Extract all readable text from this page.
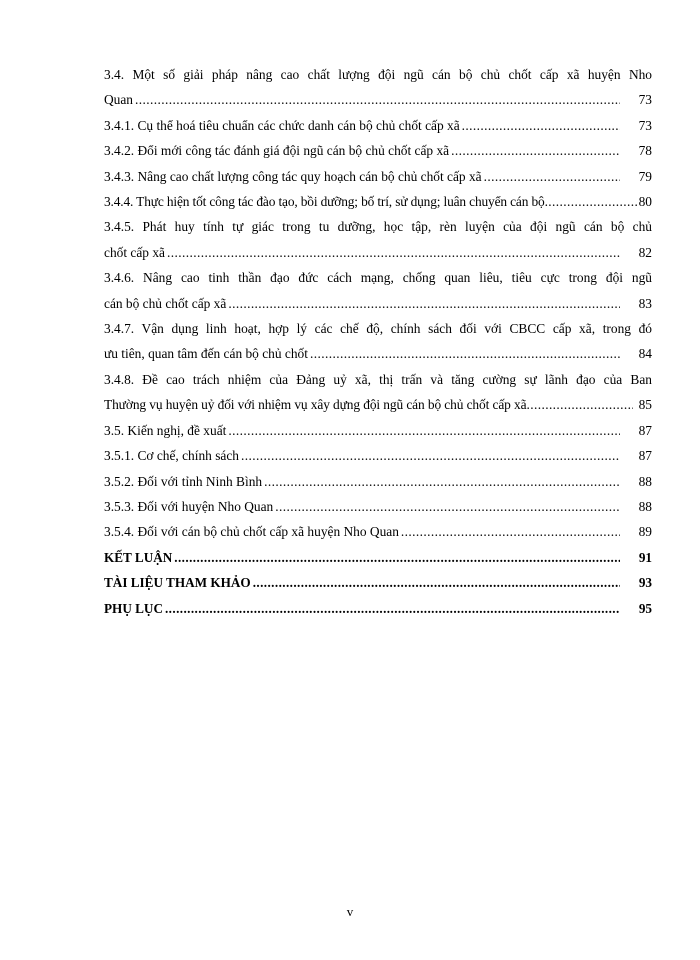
3.4. Một số giải pháp nâng cao chất lượng đội ngũ cán bộ chủ chốt cấp xã huyện Nho
Quan .....	73
3.4.1. Cụ thể hoá tiêu chuẩn các chức danh cán bộ chủ chốt cấp xã .....	73
3.4.2. Đổi mới công tác đánh giá đội ngũ cán bộ chủ chốt cấp xã .....	78
3.4.3. Nâng cao chất lượng công tác quy hoạch cán bộ chủ chốt cấp xã .....	79
3.4.4. Thực hiện tốt công tác đào tạo, bồi dưỡng; bố trí, sử dụng; luân chuyển cán bộ .....	80
3.4.5. Phát huy tính tự giác trong tu dưỡng, học tập, rèn luyện của đội ngũ cán bộ chủ
chốt cấp xã .....	82
3.4.6. Nâng cao tinh thần đạo đức cách mạng, chống quan liêu, tiêu cực trong đội ngũ
cán bộ chủ chốt cấp xã .....	83
3.4.7. Vận dụng linh hoạt, hợp lý các chế độ, chính sách đối với CBCC cấp xã, trong đó
ưu tiên, quan tâm đến cán bộ chủ chốt .....	84
3.4.8. Đề cao trách nhiệm của Đảng uỷ xã, thị trấn và tăng cường sự lãnh đạo của Ban
Thường vụ huyện uỷ đối với nhiệm vụ xây dựng đội ngũ cán bộ chủ chốt cấp xã .....	85
3.5. Kiến nghị, đề xuất .....	87
3.5.1. Cơ chế, chính sách .....	87
3.5.2. Đối với tỉnh Ninh Bình .....	88
3.5.3. Đối với huyện Nho Quan .....	88
3.5.4. Đối với cán bộ chủ chốt cấp xã huyện Nho Quan .....	89
KẾT LUẬN .....	91
TÀI LIỆU THAM KHẢO .....	93
PHỤ LỤC .....	95
v
